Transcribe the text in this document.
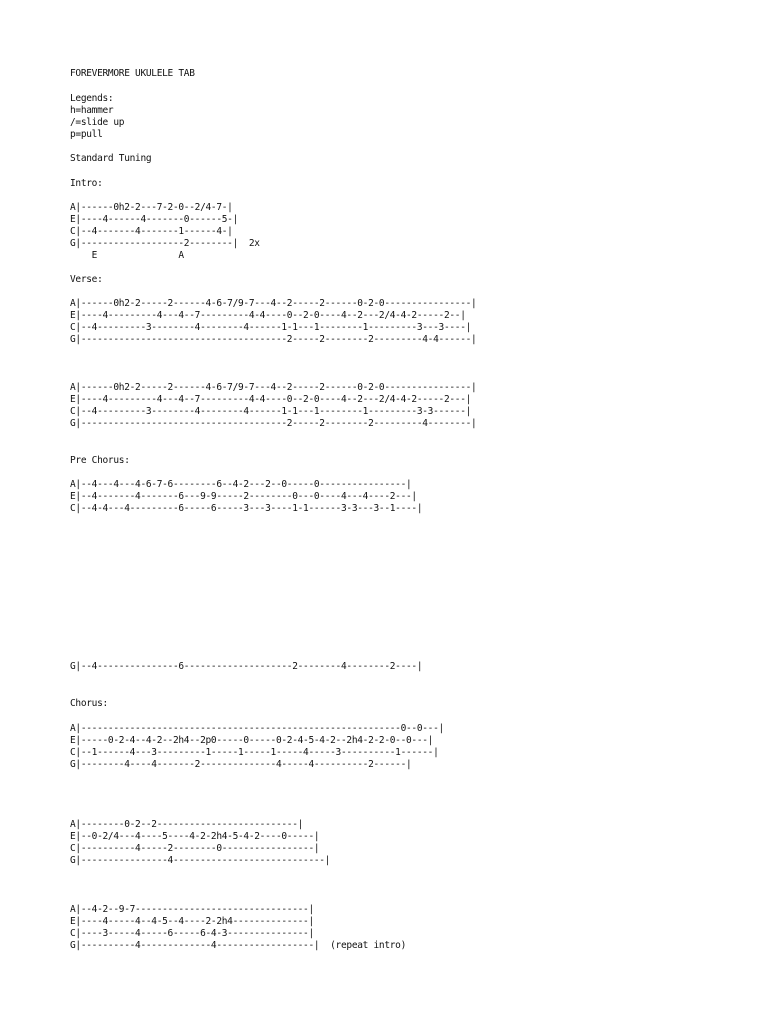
FOREVERMORE UKULELE TAB
Legends:
h=hammer
/=slide up
p=pull
Standard Tuning
Intro:
A|------0h2-2---7-2-0--2/4-7-|
E|----4------4-------0------5-|
C|--4-------4-------1------4-|
G|-------------------2--------|  2x
E               A
Verse:
A|------0h2-2-----2------4-6-7/9-7---4--2-----2------0-2-0----------------|
E|----4---------4---4--7---------4-4----0--2-0----4--2---2/4-4-2-----2--|
C|--4---------3--------4--------4------1-1---1--------1---------3---3----|
G|--------------------------------------2-----2--------2---------4-4------|
A|------0h2-2-----2------4-6-7/9-7---4--2-----2------0-2-0----------------|
E|----4---------4---4--7---------4-4----0--2-0----4--2---2/4-4-2-----2---|
C|--4---------3--------4--------4------1-1---1--------1---------3-3------|
G|--------------------------------------2-----2--------2---------4--------|
Pre Chorus:
A|--4---4---4-6-7-6--------6--4-2---2--0-----0----------------|
E|--4-------4-------6---9-9-----2--------0---0----4---4----2---|
C|--4-4---4---------6-----6-----3---3----1-1------3-3---3--1----|
G|--4---------------6--------------------2--------4--------2----|
Chorus:
A|-----------------------------------------------------------0--0---|
E|-----0-2-4--4-2--2h4--2p0-----0-----0-2-4-5-4-2--2h4-2-2-0--0---|
C|--1------4---3---------1-----1-----1-----4-----3----------1------|
G|--------4----4-------2--------------4-----4----------2------|
A|--------0-2--2--------------------------|
E|--0-2/4---4----5----4-2-2h4-5-4-2----0-----|
C|----------4-----2--------0-----------------|
G|----------------4----------------------------|
A|--4-2--9-7--------------------------------|
E|----4-----4--4-5--4----2-2h4--------------|
C|----3-----4-----6-----6-4-3---------------|
G|----------4-------------4------------------|  (repeat intro)
